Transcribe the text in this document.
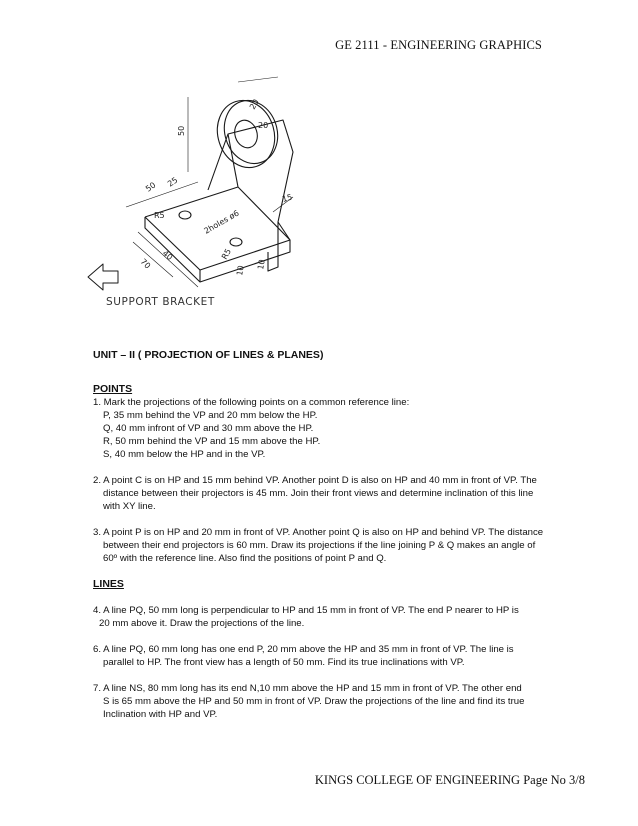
GE 2111 - ENGINEERING GRAPHICS
20
20
50
50 25
R5	2holes ø6
15
R5
40
70	10
10
SUPPORT BRACKET
UNIT – II ( PROJECTION OF LINES & PLANES)
POINTS
1. Mark the projections of the following points on a common reference line:
P, 35 mm behind the VP and 20 mm below the HP.
Q, 40 mm infront of VP and 30 mm above the HP.
R, 50 mm behind the VP and 15 mm above the HP.
S, 40 mm below the HP and in the VP.
2. A point C is on HP and 15 mm behind VP. Another point D is also on HP and 40 mm in front of VP. The
distance between their projectors is 45 mm. Join their front views and determine inclination of this line
with XY line.
3. A point P is on HP and 20 mm in front of VP. Another point Q is also on HP and behind VP. The distance
between their end projectors is 60 mm. Draw its projections if the line joining P & Q makes an angle of
60º with the reference line. Also find the positions of point P and Q.
LINES
4. A line PQ, 50 mm long is perpendicular to HP and 15 mm in front of VP. The end P nearer to HP is
20 mm above it. Draw the projections of the line.
6. A line PQ, 60 mm long has one end P, 20 mm above the HP and 35 mm in front of VP. The line is
parallel to HP. The front view has a length of 50 mm. Find its true inclinations with VP.
7. A line NS, 80 mm long has its end N,10 mm above the HP and 15 mm in front of VP. The other end
S is 65 mm above the HP and 50 mm in front of VP. Draw the projections of the line and find its true
Inclination with HP and VP.
KINGS COLLEGE OF ENGINEERING Page No 3/8
